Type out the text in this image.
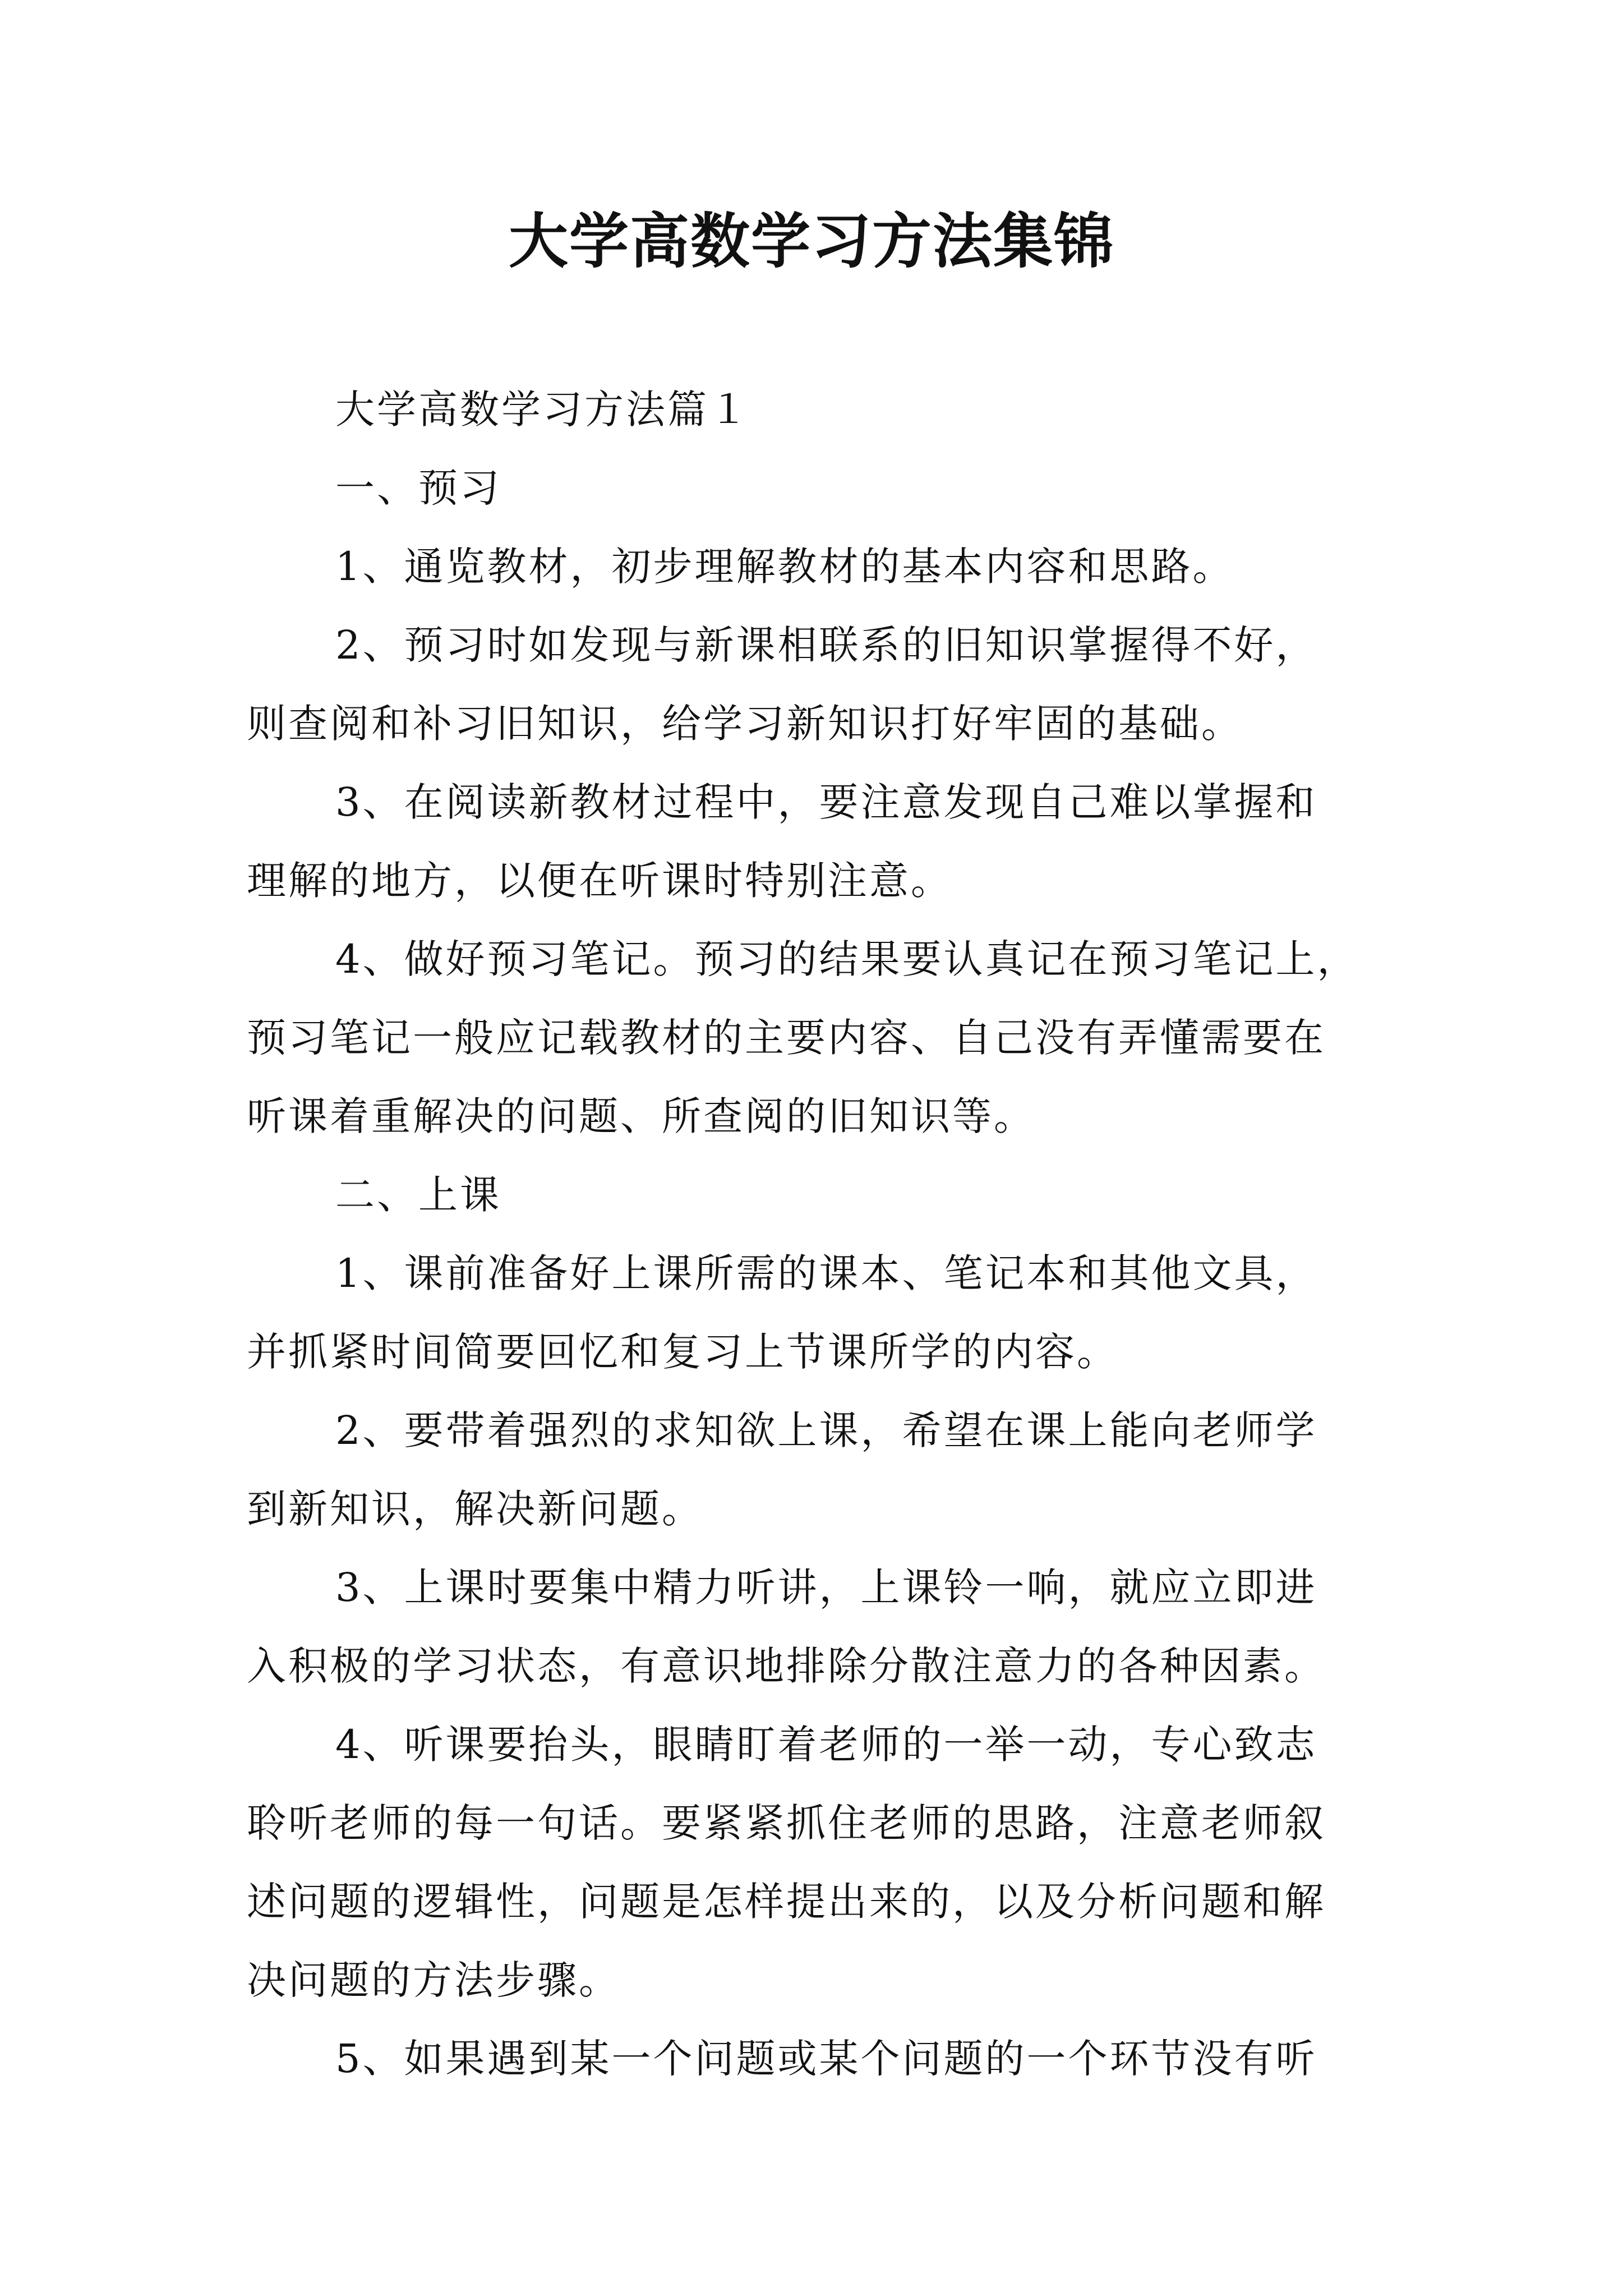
大学高数学习方法集锦
大学高数学习方法篇１
一、预习
1、通览教材，初步理解教材的基本内容和思路。
2、预习时如发现与新课相联系的旧知识掌握得不好，
则查阅和补习旧知识，给学习新知识打好牢固的基础。
3、在阅读新教材过程中，要注意发现自己难以掌握和
理解的地方，以便在听课时特别注意。
4、做好预习笔记。预习的结果要认真记在预习笔记上，
预习笔记一般应记载教材的主要内容、自己没有弄懂需要在
听课着重解决的问题、所查阅的旧知识等。
二、上课
1、课前准备好上课所需的课本、笔记本和其他文具，
并抓紧时间简要回忆和复习上节课所学的内容。
2、要带着强烈的求知欲上课，希望在课上能向老师学
到新知识，解决新问题。
3、上课时要集中精力听讲，上课铃一响，就应立即进
入积极的学习状态，有意识地排除分散注意力的各种因素。
4、听课要抬头，眼睛盯着老师的一举一动，专心致志
聆听老师的每一句话。要紧紧抓住老师的思路，注意老师叙
述问题的逻辑性，问题是怎样提出来的，以及分析问题和解
决问题的方法步骤。
5、如果遇到某一个问题或某个问题的一个环节没有听
